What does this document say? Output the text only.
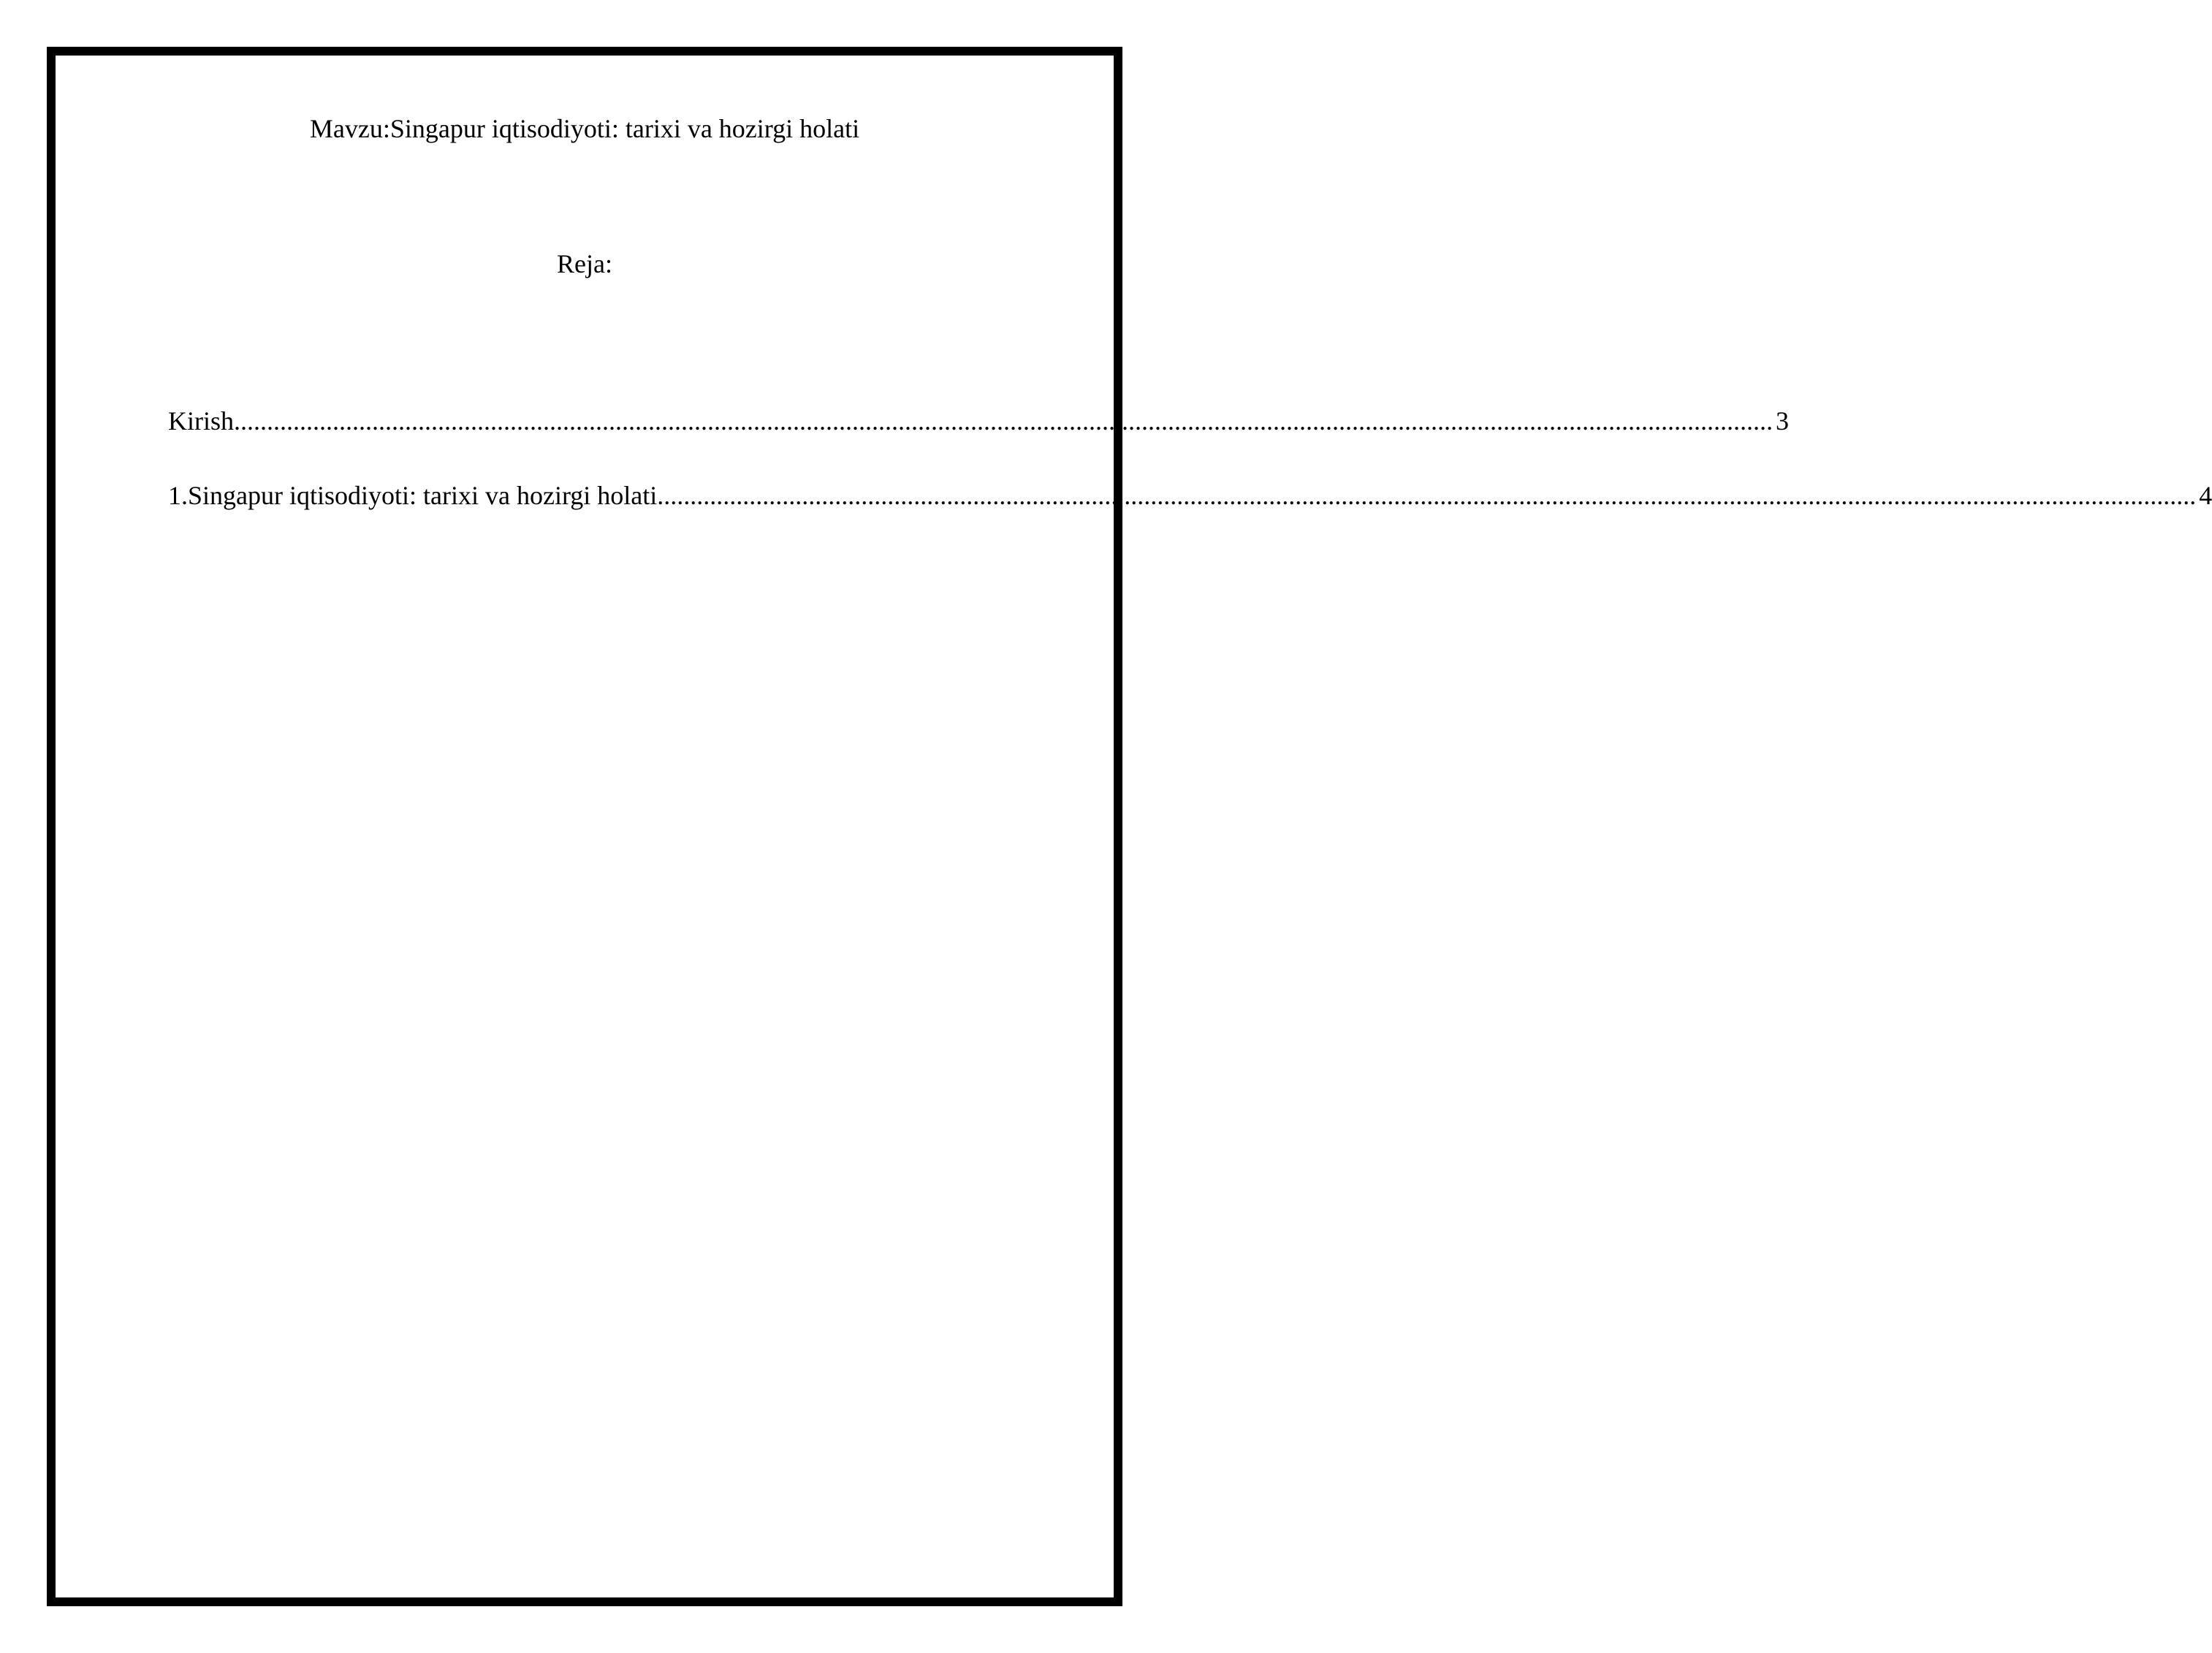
Mavzu:Singapur iqtisodiyoti: tarixi va hozirgi holati
Reja:
Kirish .......................................................................................................................................................................................................................................... 3
1.Singapur iqtisodiyoti: tarixi va hozirgi holati .......................................................................................................................................................................................................................................... 4
